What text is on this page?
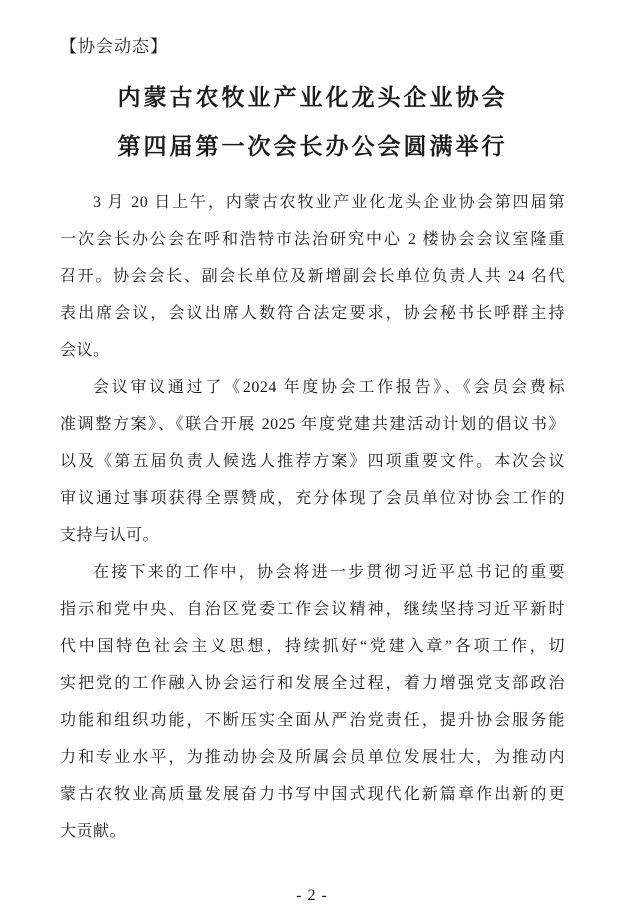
【协会动态】
内蒙古农牧业产业化龙头企业协会
第四届第一次会长办公会圆满举行
3 月 20 日上午，内蒙古农牧业产业化龙头企业协会第四届第
一次会长办公会在呼和浩特市法治研究中心 2 楼协会会议室隆重
召开。协会会长、副会长单位及新增副会长单位负责人共 24 名代
表出席会议，会议出席人数符合法定要求，协会秘书长呼群主持
会议。
会议审议通过了《2024 年度协会工作报告》、《会员会费标
准调整方案》、《联合开展 2025 年度党建共建活动计划的倡议书》
以及《第五届负责人候选人推荐方案》四项重要文件。本次会议
审议通过事项获得全票赞成，充分体现了会员单位对协会工作的
支持与认可。
在接下来的工作中，协会将进一步贯彻习近平总书记的重要
指示和党中央、自治区党委工作会议精神，继续坚持习近平新时
代中国特色社会主义思想，持续抓好“党建入章”各项工作，切
实把党的工作融入协会运行和发展全过程，着力增强党支部政治
功能和组织功能，不断压实全面从严治党责任，提升协会服务能
力和专业水平，为推动协会及所属会员单位发展壮大，为推动内
蒙古农牧业高质量发展奋力书写中国式现代化新篇章作出新的更
大贡献。
- 2 -
